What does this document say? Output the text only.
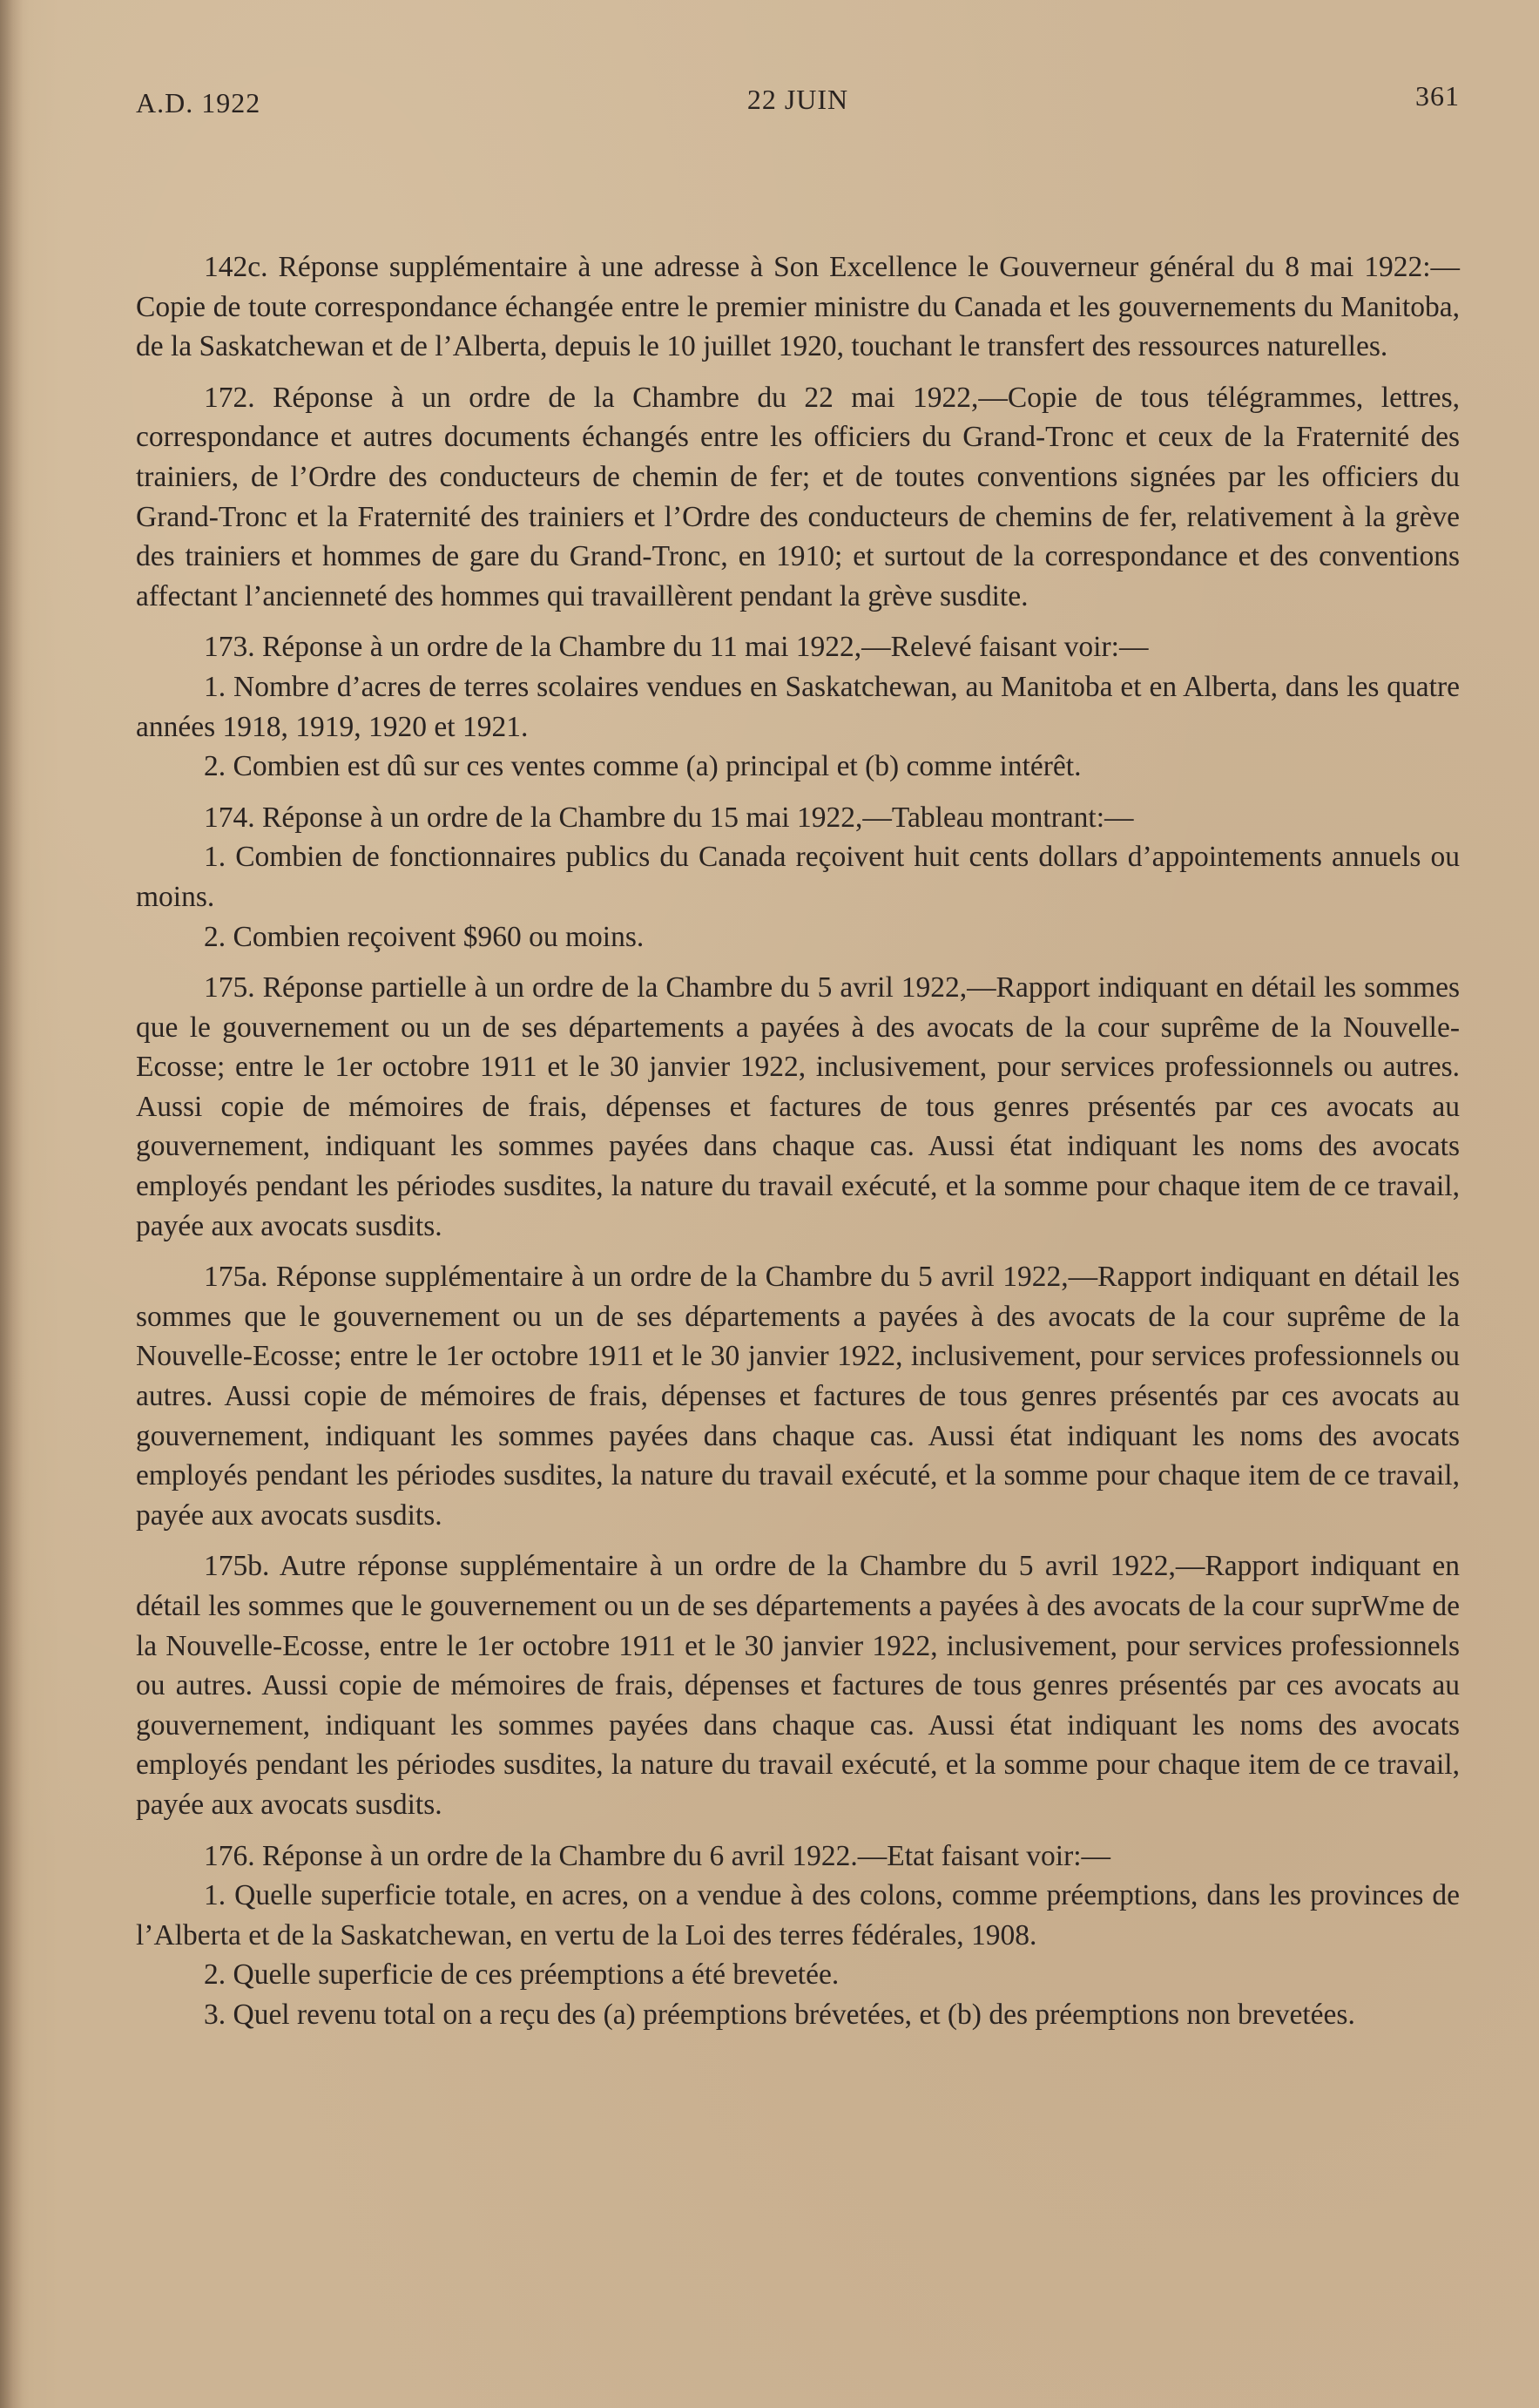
A.D. 1922	22 JUIN	361

142c. Réponse supplémentaire à une adresse à Son Excellence le Gouverneur général du 8 mai 1922:—Copie de toute correspondance échangée entre le premier ministre du Canada et les gouvernements du Manitoba, de la Saskatchewan et de l’Alberta, depuis le 10 juillet 1920, touchant le transfert des ressources naturelles.

172. Réponse à un ordre de la Chambre du 22 mai 1922,—Copie de tous télégrammes, lettres, correspondance et autres documents échangés entre les officiers du Grand-Tronc et ceux de la Fraternité des trainiers, de l’Ordre des conducteurs de chemin de fer; et de toutes conventions signées par les officiers du Grand-Tronc et la Fraternité des trainiers et l’Ordre des conducteurs de chemins de fer, relativement à la grève des trainiers et hommes de gare du Grand-Tronc, en 1910; et surtout de la correspondance et des conventions affectant l’ancienneté des hommes qui travaillèrent pendant la grève susdite.

173. Réponse à un ordre de la Chambre du 11 mai 1922,—Relevé faisant voir:—

1. Nombre d’acres de terres scolaires vendues en Saskatchewan, au Manitoba et en Alberta, dans les quatre années 1918, 1919, 1920 et 1921.

2. Combien est dû sur ces ventes comme (a) principal et (b) comme intérêt.

174. Réponse à un ordre de la Chambre du 15 mai 1922,—Tableau montrant:—

1. Combien de fonctionnaires publics du Canada reçoivent huit cents dollars d’appointements annuels ou moins.

2. Combien reçoivent $960 ou moins.

175. Réponse partielle à un ordre de la Chambre du 5 avril 1922,—Rapport indiquant en détail les sommes que le gouvernement ou un de ses départements a payées à des avocats de la cour suprême de la Nouvelle-Ecosse; entre le 1er octobre 1911 et le 30 janvier 1922, inclusivement, pour services professionnels ou autres. Aussi copie de mémoires de frais, dépenses et factures de tous genres présentés par ces avocats au gouvernement, indiquant les sommes payées dans chaque cas. Aussi état indiquant les noms des avocats employés pendant les périodes susdites, la nature du travail exécuté, et la somme pour chaque item de ce travail, payée aux avocats susdits.

175a. Réponse supplémentaire à un ordre de la Chambre du 5 avril 1922,—Rapport indiquant en détail les sommes que le gouvernement ou un de ses départements a payées à des avocats de la cour suprême de la Nouvelle-Ecosse; entre le 1er octobre 1911 et le 30 janvier 1922, inclusivement, pour services professionnels ou autres. Aussi copie de mémoires de frais, dépenses et factures de tous genres présentés par ces avocats au gouvernement, indiquant les sommes payées dans chaque cas. Aussi état indiquant les noms des avocats employés pendant les périodes susdites, la nature du travail exécuté, et la somme pour chaque item de ce travail, payée aux avocats susdits.

175b. Autre réponse supplémentaire à un ordre de la Chambre du 5 avril 1922,—Rapport indiquant en détail les sommes que le gouvernement ou un de ses départements a payées à des avocats de la cour suprWme de la Nouvelle-Ecosse, entre le 1er octobre 1911 et le 30 janvier 1922, inclusivement, pour services professionnels ou autres. Aussi copie de mémoires de frais, dépenses et factures de tous genres présentés par ces avocats au gouvernement, indiquant les sommes payées dans chaque cas. Aussi état indiquant les noms des avocats employés pendant les périodes susdites, la nature du travail exécuté, et la somme pour chaque item de ce travail, payée aux avocats susdits.

176. Réponse à un ordre de la Chambre du 6 avril 1922.—Etat faisant voir:—

1. Quelle superficie totale, en acres, on a vendue à des colons, comme préemptions, dans les provinces de l’Alberta et de la Saskatchewan, en vertu de la Loi des terres fédérales, 1908.

2. Quelle superficie de ces préemptions a été brevetée.

3. Quel revenu total on a reçu des (a) préemptions brévetées, et (b) des préemptions non brevetées.
